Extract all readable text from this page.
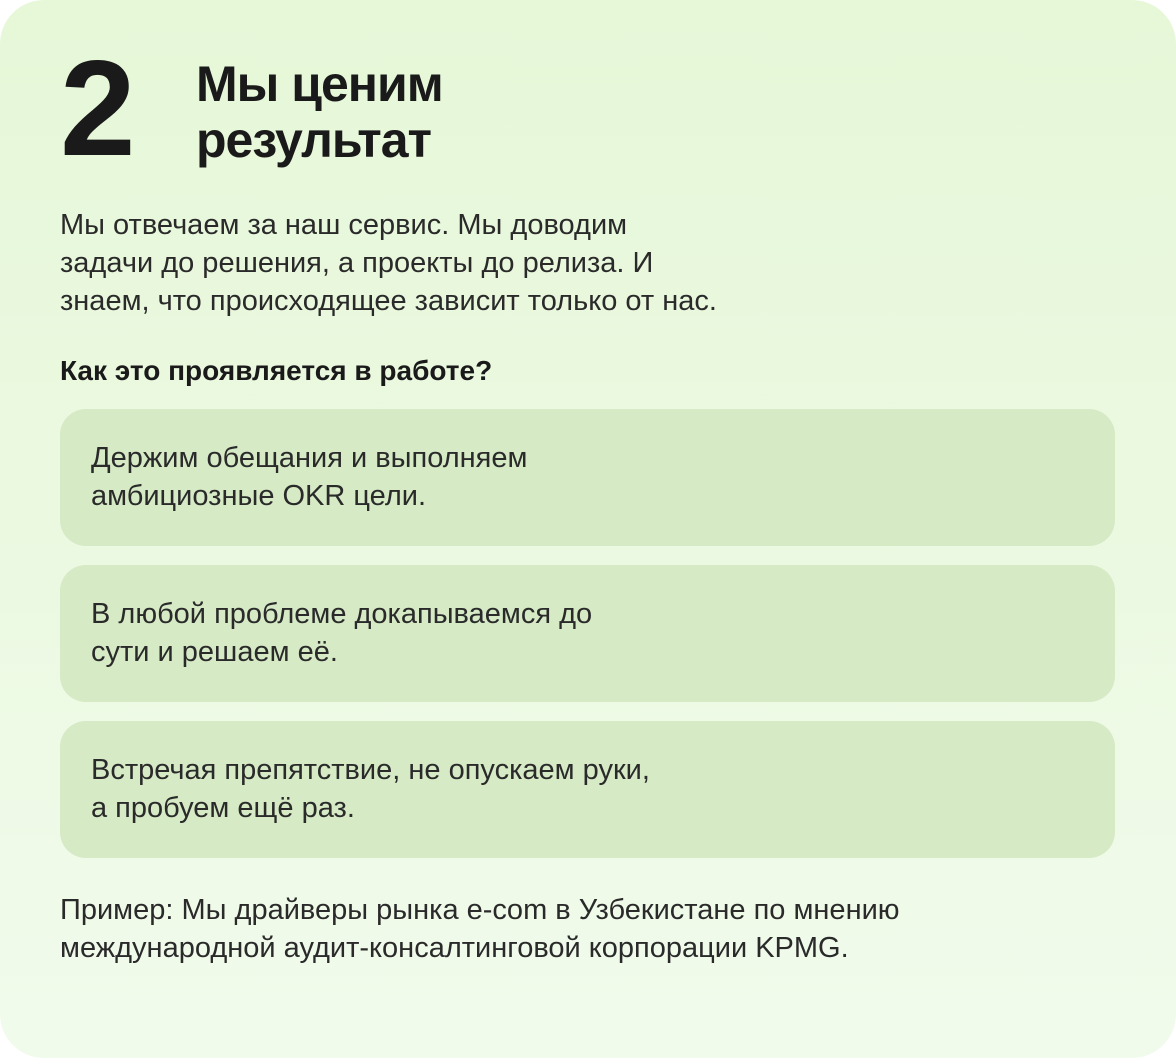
2 Мы ценим
результат
Мы отвечаем за наш сервис. Мы доводим
задачи до решения, а проекты до релиза. И
знаем, что происходящее зависит только от нас.
Как это проявляется в работе?
Держим обещания и выполняем
амбициозные OKR цели.
В любой проблеме докапываемся до
сути и решаем её.
Встречая препятствие, не опускаем руки,
а пробуем ещё раз.
Пример: Мы драйверы рынка e-com в Узбекистане по мнению
международной аудит-консалтинговой корпорации KPMG.
